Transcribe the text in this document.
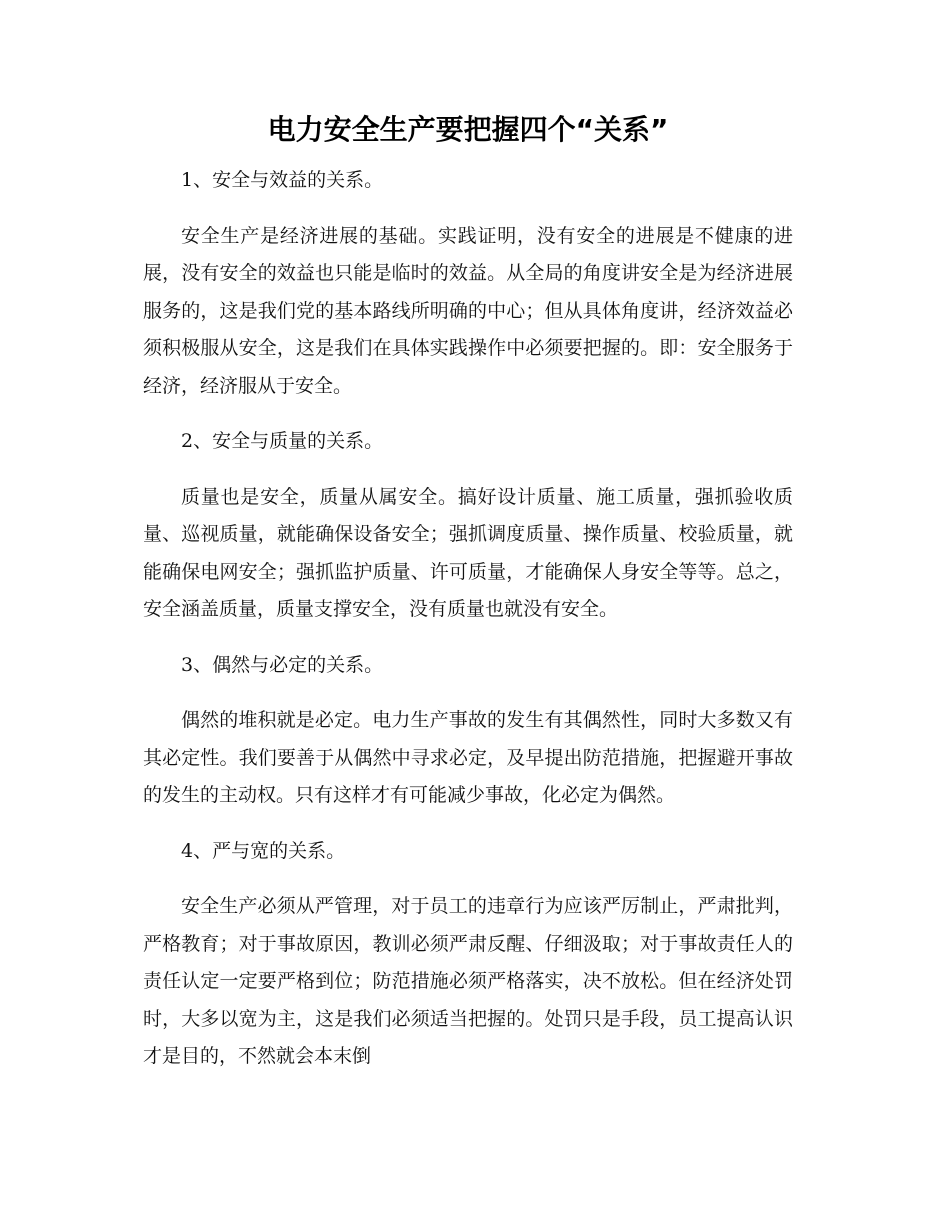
电力安全生产要把握四个“关系”
1、安全与效益的关系。

安全生产是经济进展的基础。实践证明，没有安全的进展是不健康的进展，没有安全的效益也只能是临时的效益。从全局的角度讲安全是为经济进展服务的，这是我们党的基本路线所明确的中心；但从具体角度讲，经济效益必须积极服从安全，这是我们在具体实践操作中必须要把握的。即：安全服务于经济，经济服从于安全。

2、安全与质量的关系。

质量也是安全，质量从属安全。搞好设计质量、施工质量，强抓验收质量、巡视质量，就能确保设备安全；强抓调度质量、操作质量、校验质量，就能确保电网安全；强抓监护质量、许可质量，才能确保人身安全等等。总之，安全涵盖质量，质量支撑安全，没有质量也就没有安全。

3、偶然与必定的关系。

偶然的堆积就是必定。电力生产事故的发生有其偶然性，同时大多数又有其必定性。我们要善于从偶然中寻求必定，及早提出防范措施，把握避开事故的发生的主动权。只有这样才有可能减少事故，化必定为偶然。

4、严与宽的关系。

安全生产必须从严管理，对于员工的违章行为应该严厉制止，严肃批判，严格教育；对于事故原因，教训必须严肃反醒、仔细汲取；对于事故责任人的责任认定一定要严格到位；防范措施必须严格落实，决不放松。但在经济处罚时，大多以宽为主，这是我们必须适当把握的。处罚只是手段，员工提高认识才是目的，不然就会本末倒
